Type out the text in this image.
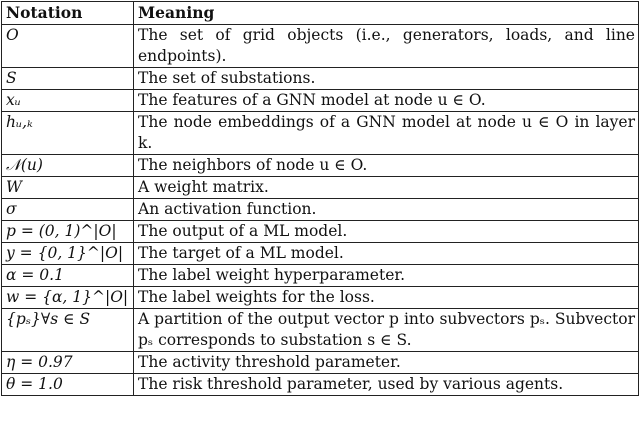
Notation	Meaning
O	The set of grid objects (i.e., generators, loads, and line endpoints).
S	The set of substations.
xᵤ	The features of a GNN model at node u ∈ O.
hᵤ,ₖ	The node embeddings of a GNN model at node u ∈ O in layer k.
𝒩(u)	The neighbors of node u ∈ O.
W	A weight matrix.
σ	An activation function.
p = (0, 1)^|O|	The output of a ML model.
y = {0, 1}^|O|	The target of a ML model.
α = 0.1	The label weight hyperparameter.
w = {α, 1}^|O|	The label weights for the loss.
{pₛ}∀s ∈ S	A partition of the output vector p into subvectors pₛ. Subvector pₛ corresponds to substation s ∈ S.
η = 0.97	The activity threshold parameter.
θ = 1.0	The risk threshold parameter, used by various agents.
